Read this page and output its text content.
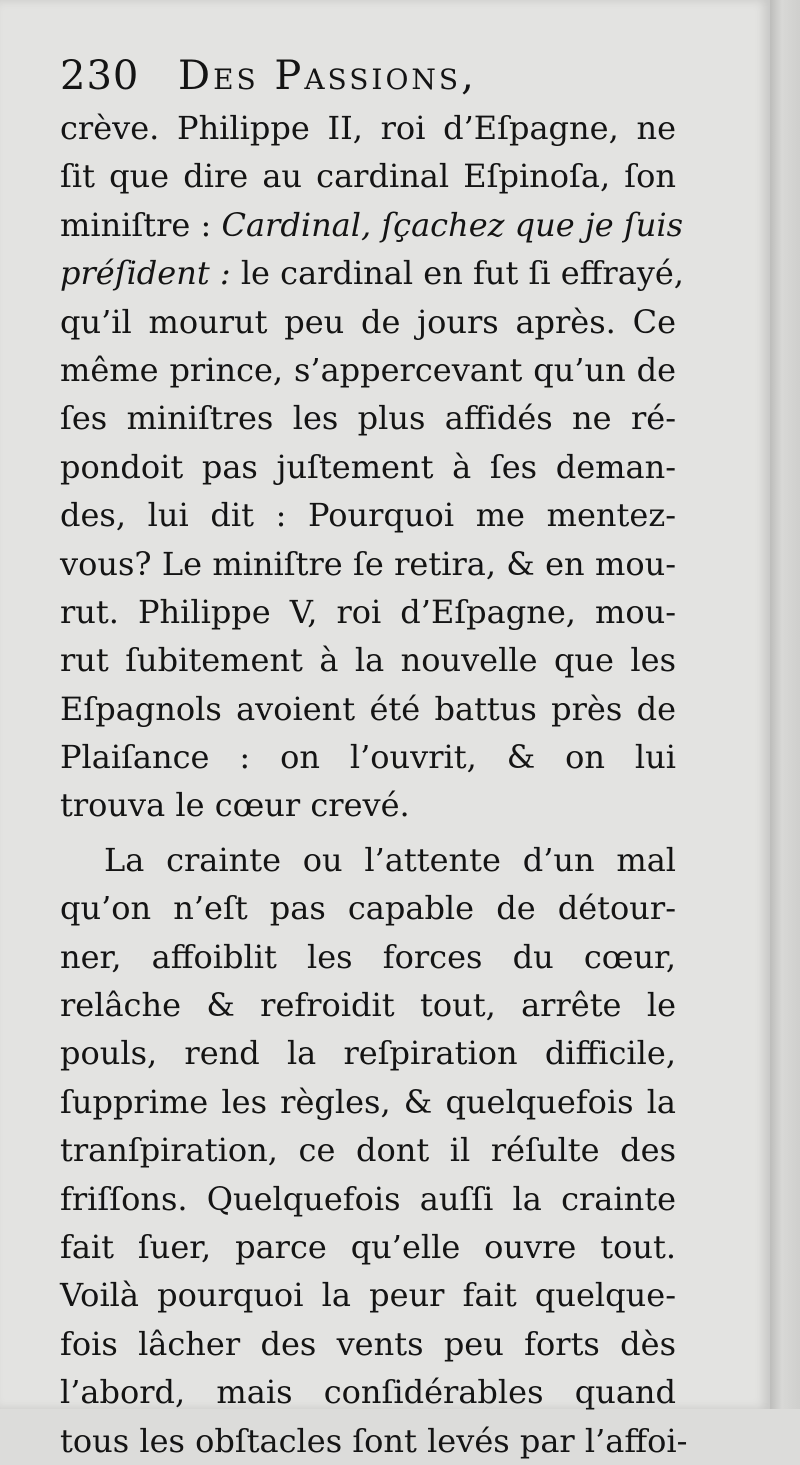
230 Des Passions,
crève. Philippe II, roi d’Eſpagne, ne
ſit que dire au cardinal Eſpinoſa, ſon
miniſtre : Cardinal, ſçachez que je ſuis
préſident : le cardinal en fut ſi effrayé,
qu’il mourut peu de jours après. Ce
même prince, s’appercevant qu’un de
ſes miniſtres les plus affidés ne ré-
pondoit pas juſtement à ſes deman-
des, lui dit : Pourquoi me mentez-
vous? Le miniſtre ſe retira, & en mou-
rut. Philippe V, roi d’Eſpagne, mou-
rut ſubitement à la nouvelle que les
Eſpagnols avoient été battus près de
Plaiſance : on l’ouvrit, & on lui
trouva le cœur crevé.
La crainte ou l’attente d’un mal
qu’on n’eſt pas capable de détour-
ner, affoiblit les forces du cœur,
relâche & refroidit tout, arrête le
pouls, rend la reſpiration difficile,
ſupprime les règles, & quelquefois la
tranſpiration, ce dont il réſulte des
friſſons. Quelquefois auſſi la crainte
fait ſuer, parce qu’elle ouvre tout.
Voilà pourquoi la peur fait quelque-
fois lâcher des vents peu forts dès
l’abord, mais conſidérables quand
tous les obſtacles ſont levés par l’affoi-
